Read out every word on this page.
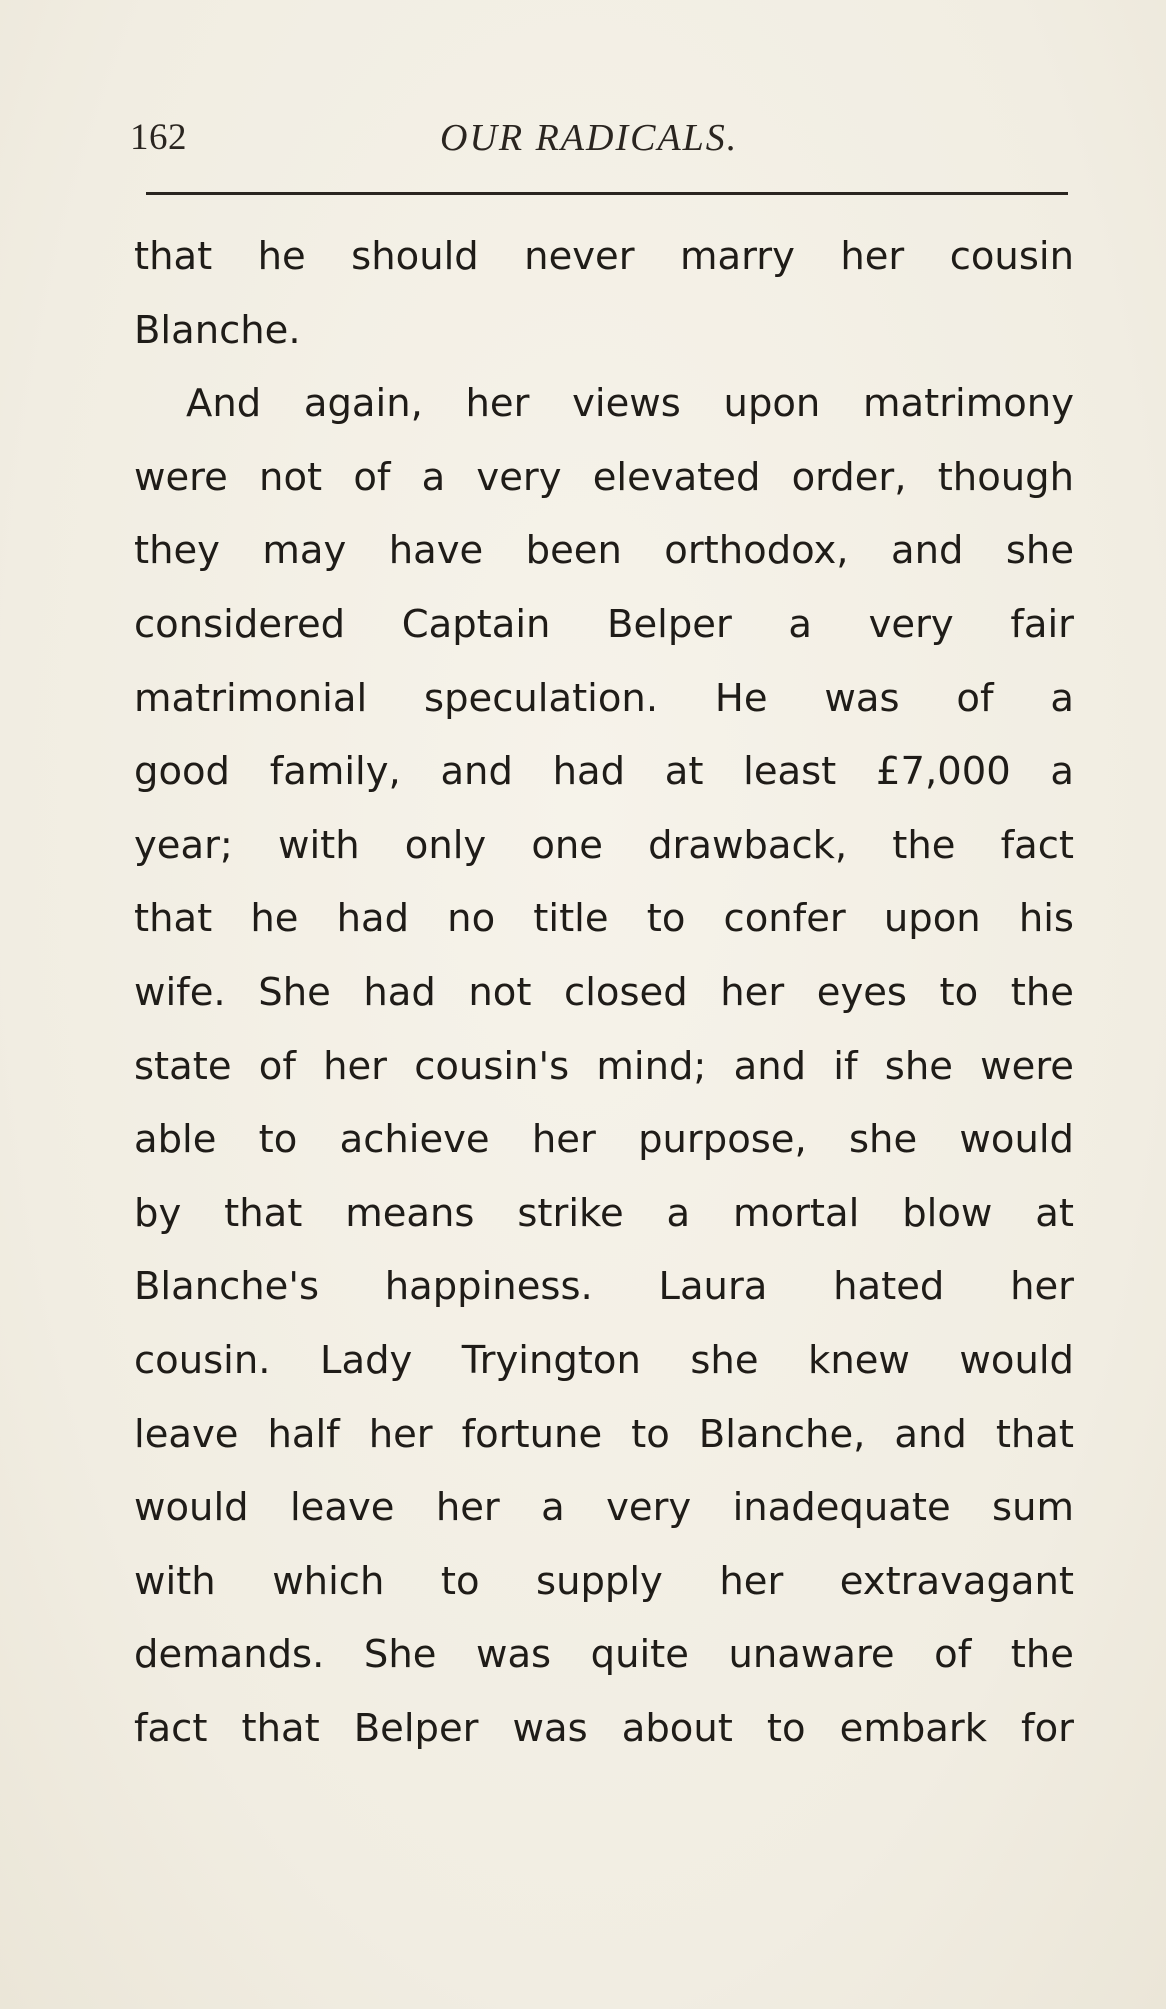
162	OUR RADICALS.
that he should never marry her cousin
Blanche.
And again, her views upon matrimony
were not of a very elevated order, though
they may have been orthodox, and she
considered Captain Belper a very fair
matrimonial speculation. He was of a
good family, and had at least £7,000 a
year; with only one drawback, the fact
that he had no title to confer upon his
wife. She had not closed her eyes to the
state of her cousin's mind; and if she were
able to achieve her purpose, she would
by that means strike a mortal blow at
Blanche's happiness. Laura hated her
cousin. Lady Tryington she knew would
leave half her fortune to Blanche, and that
would leave her a very inadequate sum
with which to supply her extravagant
demands. She was quite unaware of the
fact that Belper was about to embark for
